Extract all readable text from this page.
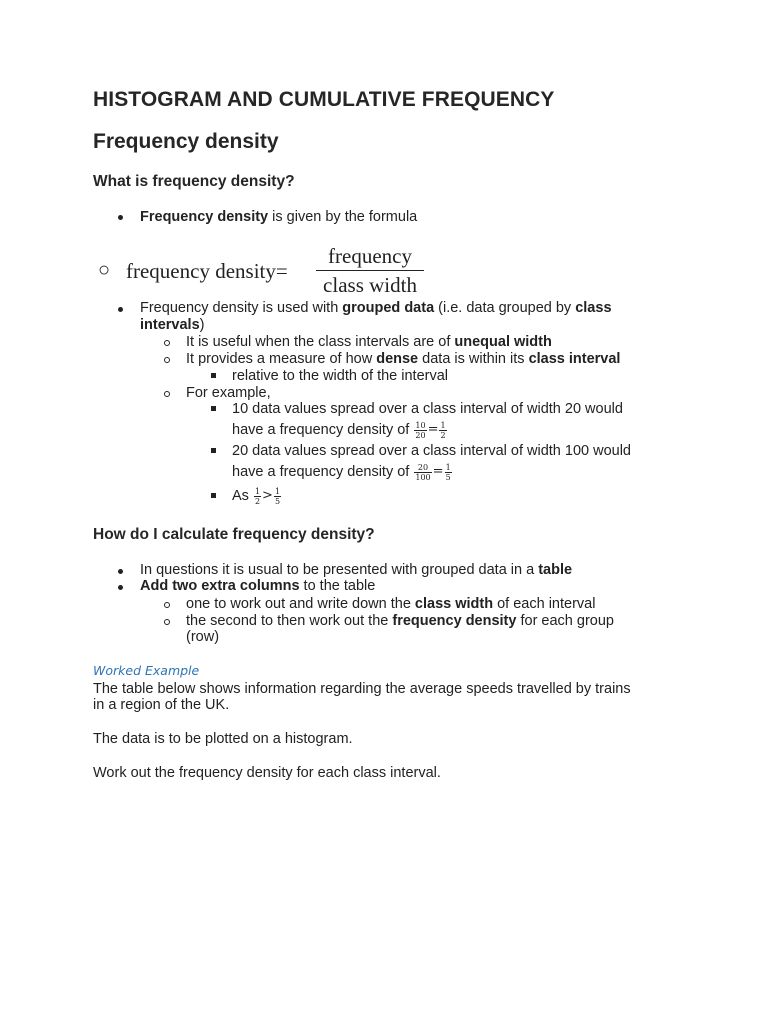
HISTOGRAM AND CUMULATIVE FREQUENCY
Frequency density
What is frequency density?
Frequency density is given by the formula
○ frequency density=
frequency
class width
Frequency density is used with grouped data (i.e. data grouped by class
intervals)
It is useful when the class intervals are of unequal width
It provides a measure of how dense data is within its class interval
relative to the width of the interval
For example,
10 data values spread over a class interval of width 20 would
have a frequency density of $\frac{10}{20} = \frac{1}{2}$
20 data values spread over a class interval of width 100 would
have a frequency density of $\frac{20}{100} = \frac{1}{5}$
As $\frac{1}{2} > \frac{1}{5}$
How do I calculate frequency density?
In questions it is usual to be presented with grouped data in a table
Add two extra columns to the table
one to work out and write down the class width of each interval
the second to then work out the frequency density for each group
(row)
Worked Example
The table below shows information regarding the average speeds travelled by trains
in a region of the UK.
The data is to be plotted on a histogram.
Work out the frequency density for each class interval.
